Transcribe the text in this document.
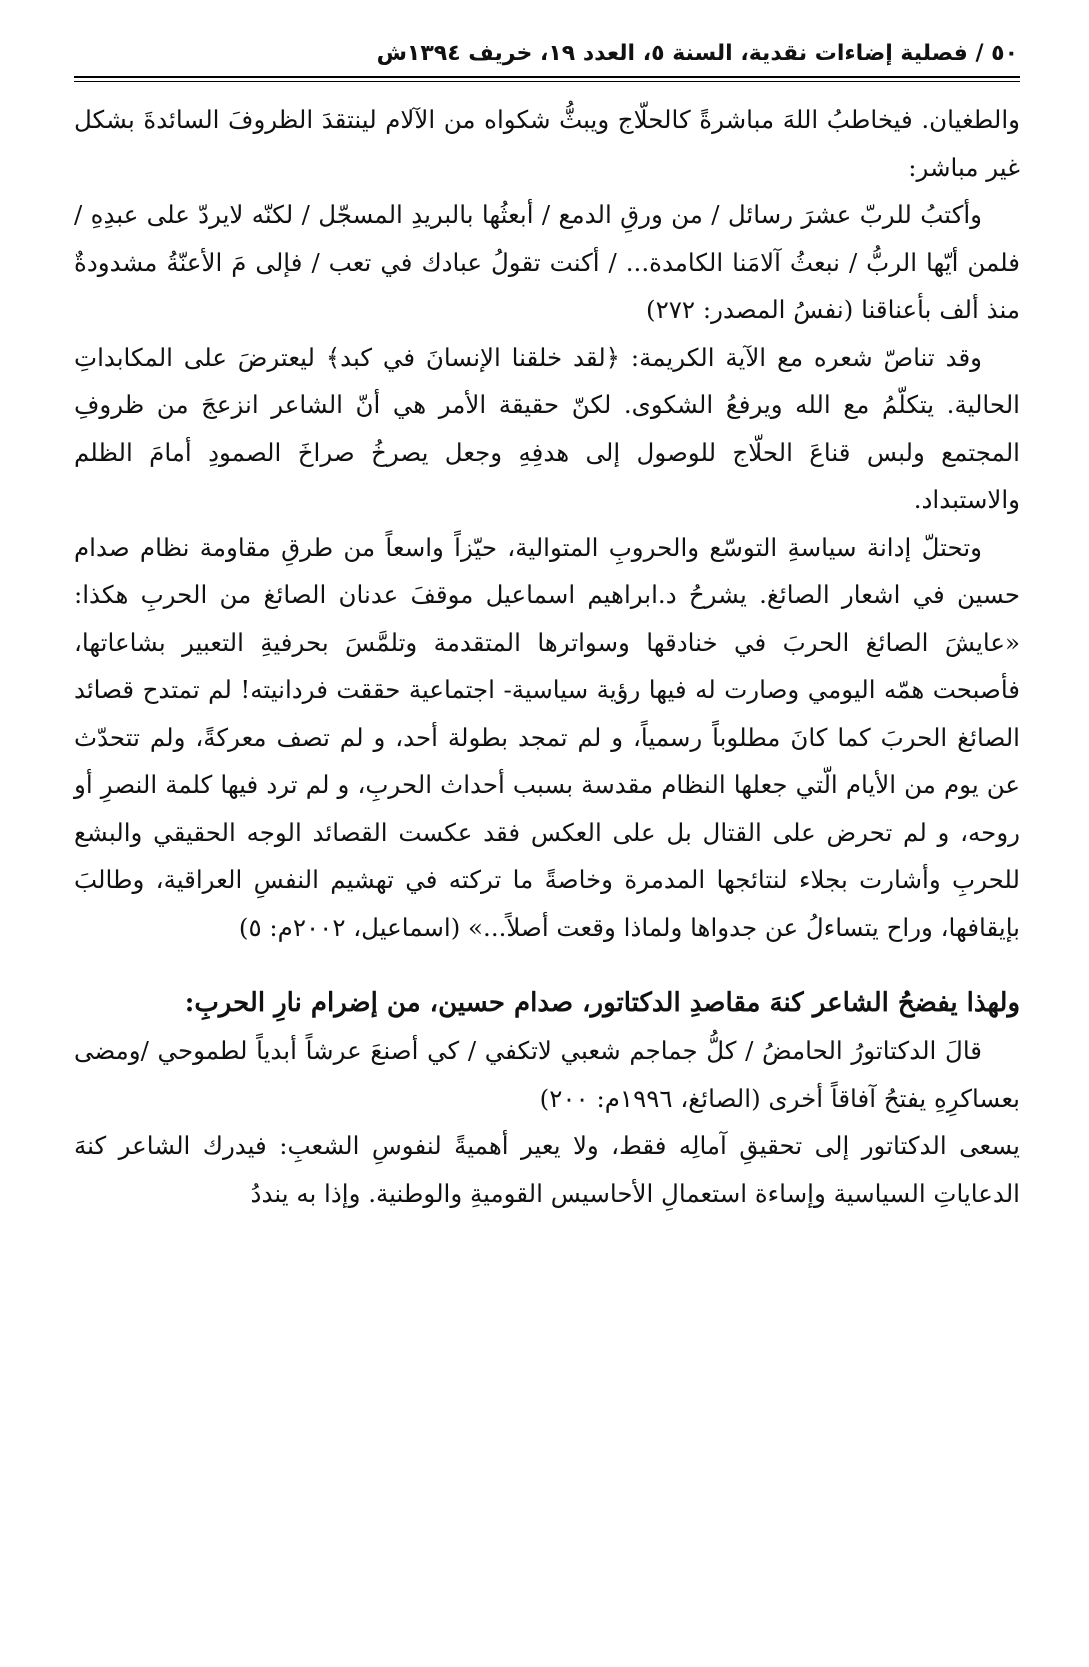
٥٠ / فصلية إضاءات نقدية، السنة ٥، العدد ١٩، خريف ١٣٩٤ش

والطغيان. فيخاطبُ اللهَ مباشرةً كالحلّاج ويبثُّ شكواه من الآلام لينتقدَ الظروفَ السائدةَ بشكل غير مباشر:

وأكتبُ للربّ عشرَ رسائل / من ورقِ الدمع / أبعثُها بالبريدِ المسجّل / لكنّه لايردّ على عبدِهِ / فلمن أيّها الربُّ / نبعثُ آلامَنا الكامدة... / أكنت تقولُ عبادك في تعب / فإلى مَ الأعنّةُ مشدودةٌ منذ ألف بأعناقنا (نفسُ المصدر: ٢٧٢)

وقد تناصّ شعره مع الآية الكريمة: ﴿لقد خلقنا الإنسانَ في كبد﴾ ليعترضَ على المكابداتِ الحالية. يتكلّمُ مع الله ويرفعُ الشكوى. لكنّ حقيقة الأمر هي أنّ الشاعر انزعجَ من ظروفِ المجتمع ولبس قناعَ الحلّاج للوصول إلى هدفِهِ وجعل يصرخُ صراخَ الصمودِ أمامَ الظلم والاستبداد.

وتحتلّ إدانة سياسةِ التوسّع والحروبِ المتوالية، حيّزاً واسعاً من طرقِ مقاومة نظام صدام حسين في اشعار الصائغ. يشرحُ د.ابراهيم اسماعيل موقفَ عدنان الصائغ من الحربِ هكذا: «عايشَ الصائغ الحربَ في خنادقها وسواترها المتقدمة وتلمَّسَ بحرفيةِ التعبير بشاعاتها، فأصبحت همّه اليومي وصارت له فيها رؤية سياسية- اجتماعية حققت فردانيته! لم تمتدح قصائد الصائغ الحربَ كما كانَ مطلوباً رسمياً، و لم تمجد بطولة أحد، و لم تصف معركةً، ولم تتحدّث عن يوم من الأيام الّتي جعلها النظام مقدسة بسبب أحداث الحربِ، و لم ترد فيها كلمة النصرِ أو روحه، و لم تحرض على القتال بل على العكس فقد عكست القصائد الوجه الحقيقي والبشع للحربِ وأشارت بجلاء لنتائجها المدمرة وخاصةً ما تركته في تهشيم النفسِ العراقية، وطالبَ بإيقافها، وراح يتساءلُ عن جدواها ولماذا وقعت أصلاً...» (اسماعيل، ٢٠٠٢م: ٥)

ولهذا يفضحُ الشاعر كنهَ مقاصدِ الدكتاتور، صدام حسين، من إضرام نارِ الحربِ:

قالَ الدكتاتورُ الحامضُ / كلُّ جماجم شعبي لاتكفي / كي أصنعَ عرشاً أبدياً لطموحي /ومضى بعساكرِهِ يفتحُ آفاقاً أخرى (الصائغ، ١٩٩٦م: ٢٠٠)

يسعى الدكتاتور إلى تحقيقِ آمالِه فقط، ولا يعير أهميةً لنفوسِ الشعبِ: فيدرك الشاعر كنهَ الدعاياتِ السياسية وإساءة استعمالِ الأحاسيس القوميةِ والوطنية. وإذا به ينددُ
